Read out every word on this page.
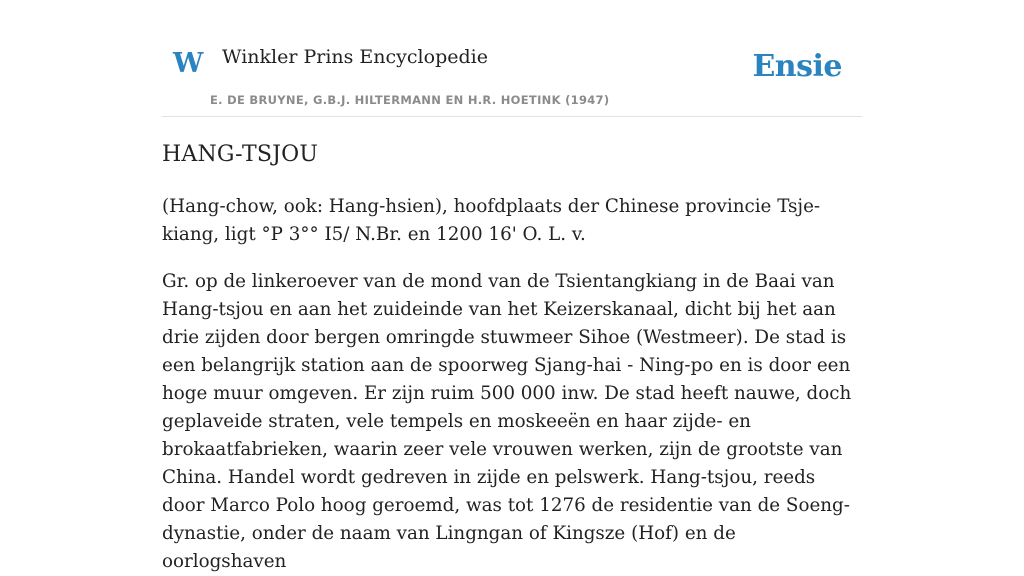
W Winkler Prins Encyclopedie
E. DE BRUYNE, G.B.J. HILTERMANN EN H.R. HOETINK (1947)
Ensie
HANG-TSJOU

(Hang-chow, ook: Hang-hsien), hoofdplaats der Chinese provincie Tsje-kiang, ligt °P 3°° I5/ N.Br. en 1200 16' O. L. v.

Gr. op de linkeroever van de mond van de Tsientangkiang in de Baai van Hang-tsjou en aan het zuideinde van het Keizerskanaal, dicht bij het aan drie zijden door bergen omringde stuwmeer Sihoe (Westmeer). De stad is een belangrijk station aan de spoorweg Sjang-hai - Ning-po en is door een hoge muur omgeven. Er zijn ruim 500 000 inw. De stad heeft nauwe, doch geplaveide straten, vele tempels en moskeeën en haar zijde- en brokaatfabrieken, waarin zeer vele vrouwen werken, zijn de grootste van China. Handel wordt gedreven in zijde en pelswerk. Hang-tsjou, reeds door Marco Polo hoog geroemd, was tot 1276 de residentie van de Soeng-dynastie, onder de naam van Lingngan of Kingsze (Hof) en de oorlogshaven
